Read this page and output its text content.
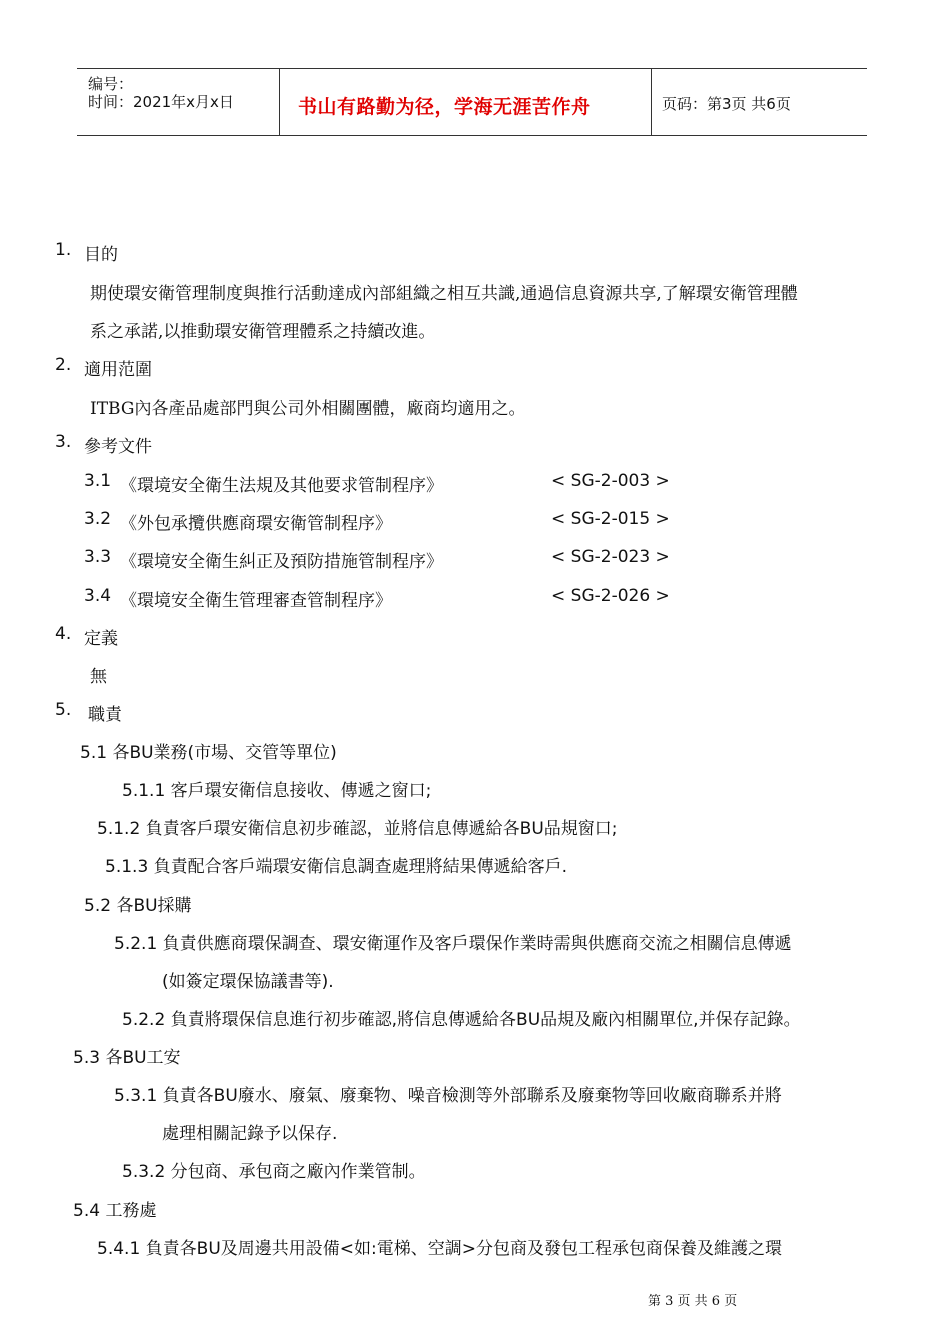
编号：
时间：2021年x月x日	书山有路勤为径，学海无涯苦作舟	页码：第3页 共6页
1. 目的
期使環安衛管理制度與推行活動達成內部組織之相互共識,通過信息資源共享,了解環安衛管理體
系之承諾,以推動環安衛管理體系之持續改進。
2. 適用范圍
ITBG內各產品處部門與公司外相關團體，廠商均適用之。
3. 參考文件
3.1 《環境安全衛生法規及其他要求管制程序》	< SG-2-003 >
3.2 《外包承攬供應商環安衛管制程序》	< SG-2-015 >
3.3 《環境安全衛生糾正及預防措施管制程序》	< SG-2-023 >
3.4 《環境安全衛生管理審查管制程序》	< SG-2-026 >
4. 定義
無
5. 職責
5.1 各BU業務(市場、交管等單位)
5.1.1 客戶環安衛信息接收、傳遞之窗口;
5.1.2 負責客戶環安衛信息初步確認，並將信息傳遞給各BU品規窗口;
5.1.3 負責配合客戶端環安衛信息調查處理將結果傳遞給客戶.
5.2 各BU採購
5.2.1 負責供應商環保調查、環安衛運作及客戶環保作業時需與供應商交流之相關信息傳遞
(如簽定環保協議書等).
5.2.2 負責將環保信息進行初步確認,將信息傳遞給各BU品規及廠內相關單位,并保存記錄。
5.3 各BU工安
5.3.1 負責各BU廢水、廢氣、廢棄物、噪音檢測等外部聯系及廢棄物等回收廠商聯系并將
處理相關記錄予以保存.
5.3.2 分包商、承包商之廠內作業管制。
5.4 工務處
5.4.1 負責各BU及周邊共用設備<如:電梯、空調>分包商及發包工程承包商保養及維護之環
第 3 页 共 6 页
